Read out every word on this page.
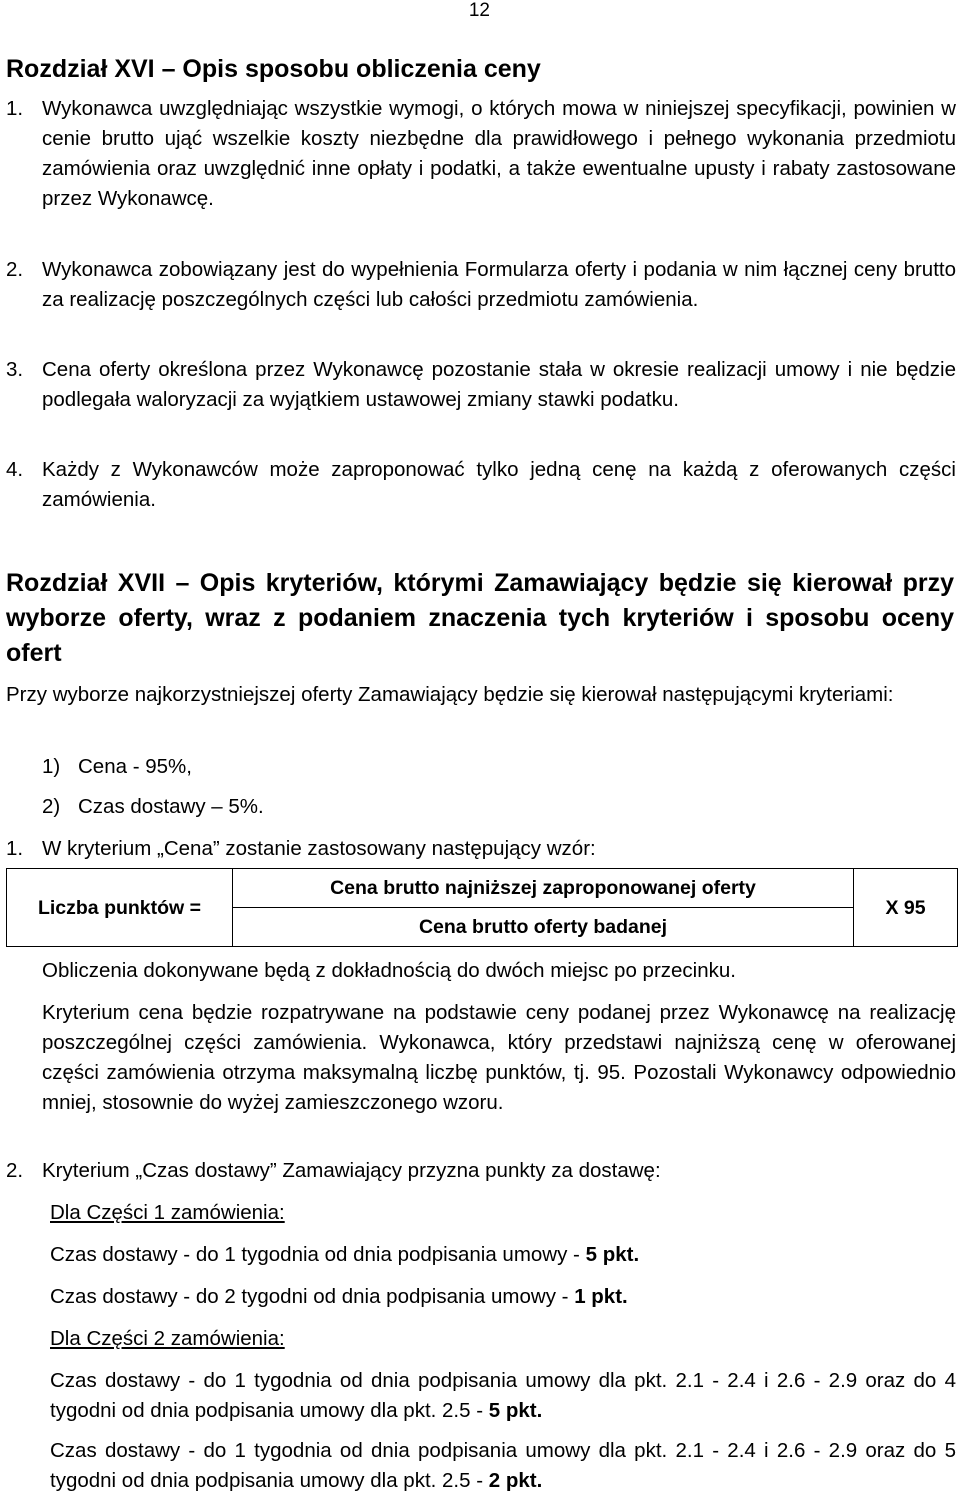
12
Rozdział XVI – Opis sposobu obliczenia ceny
1. Wykonawca uwzględniając wszystkie wymogi, o których mowa w niniejszej specyfikacji, powinien w cenie brutto ująć wszelkie koszty niezbędne dla prawidłowego i pełnego wykonania przedmiotu zamówienia oraz uwzględnić inne opłaty i podatki, a także ewentualne upusty i rabaty zastosowane przez Wykonawcę.
2. Wykonawca zobowiązany jest do wypełnienia Formularza oferty i podania w nim łącznej ceny brutto za realizację poszczególnych części lub całości przedmiotu zamówienia.
3. Cena oferty określona przez Wykonawcę pozostanie stała w okresie realizacji umowy i nie będzie podlegała waloryzacji za wyjątkiem ustawowej zmiany stawki podatku.
4. Każdy z Wykonawców może zaproponować tylko jedną cenę na każdą z oferowanych części zamówienia.
Rozdział XVII – Opis kryteriów, którymi Zamawiający będzie się kierował przy wyborze oferty, wraz z podaniem znaczenia tych kryteriów i sposobu oceny ofert
Przy wyborze najkorzystniejszej oferty Zamawiający będzie się kierował następującymi kryteriami:
1) Cena - 95%,
2) Czas dostawy – 5%.
1. W kryterium „Cena” zostanie zastosowany następujący wzór:
Liczba punktów =	
Cena brutto najniższej zaproponowanej oferty
Cena brutto oferty badanej
	X 95
Obliczenia dokonywane będą z dokładnością do dwóch miejsc po przecinku.
Kryterium cena będzie rozpatrywane na podstawie ceny podanej przez Wykonawcę na realizację poszczególnej części zamówienia. Wykonawca, który przedstawi najniższą cenę w oferowanej części zamówienia otrzyma maksymalną liczbę punktów, tj. 95. Pozostali Wykonawcy odpowiednio mniej, stosownie do wyżej zamieszczonego wzoru.
2. Kryterium „Czas dostawy” Zamawiający przyzna punkty za dostawę:
Dla Części 1 zamówienia:
Czas dostawy - do 1 tygodnia od dnia podpisania umowy - 5 pkt.
Czas dostawy - do 2 tygodni od dnia podpisania umowy - 1 pkt.
Dla Części 2 zamówienia:
Czas dostawy - do 1 tygodnia od dnia podpisania umowy dla pkt. 2.1 - 2.4 i 2.6 - 2.9 oraz do 4 tygodni od dnia podpisania umowy dla pkt. 2.5 - 5 pkt.
Czas dostawy - do 1 tygodnia od dnia podpisania umowy dla pkt. 2.1 - 2.4 i 2.6 - 2.9 oraz do 5 tygodni od dnia podpisania umowy dla pkt. 2.5 - 2 pkt.
